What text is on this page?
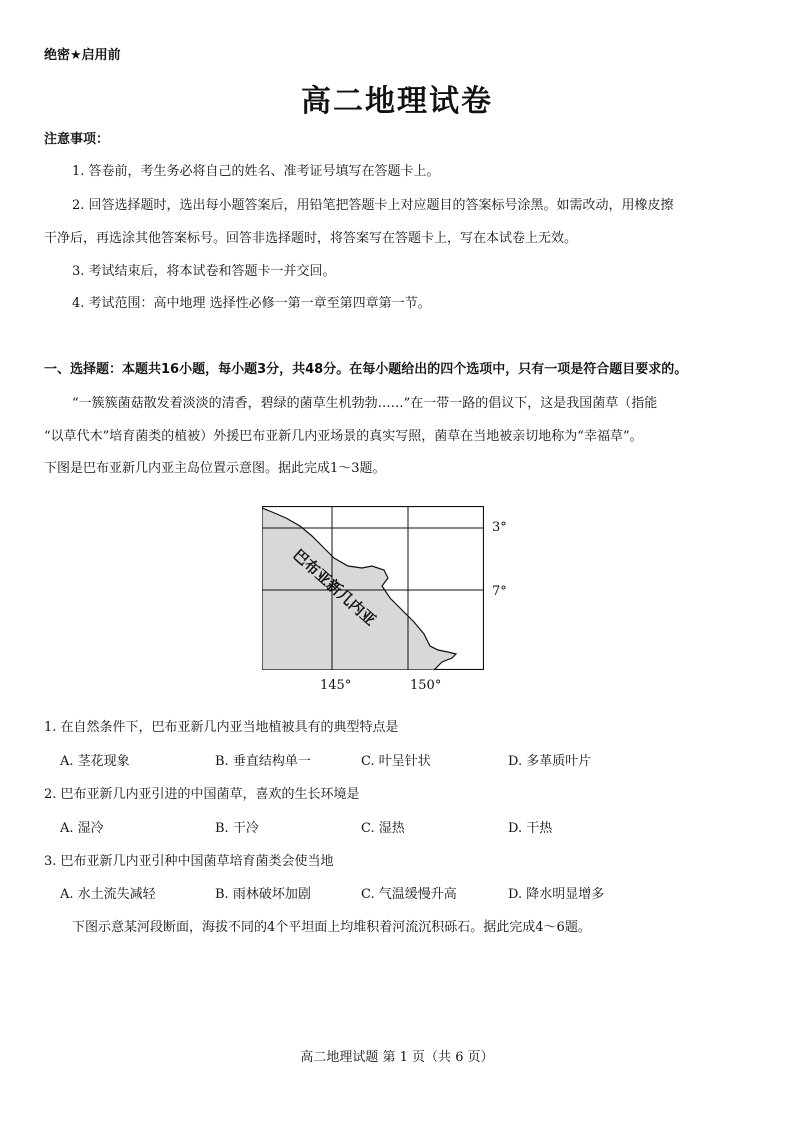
绝密★启用前
高二地理试卷
注意事项：
1. 答卷前，考生务必将自己的姓名、准考证号填写在答题卡上。
2. 回答选择题时，选出每小题答案后，用铅笔把答题卡上对应题目的答案标号涂黑。如需改动，用橡皮擦
干净后，再选涂其他答案标号。回答非选择题时，将答案写在答题卡上，写在本试卷上无效。
3. 考试结束后，将本试卷和答题卡一并交回。
4. 考试范围：高中地理 选择性必修一第一章至第四章第一节。
一、选择题：本题共16小题，每小题3分，共48分。在每小题给出的四个选项中，只有一项是符合题目要求的。
“一簇簇菌菇散发着淡淡的清香，碧绿的菌草生机勃勃……”在一带一路的倡议下，这是我国菌草（指能
“以草代木”培育菌类的植被）外援巴布亚新几内亚场景的真实写照，菌草在当地被亲切地称为“幸福草”。
下图是巴布亚新几内亚主岛位置示意图。据此完成1～3题。
巴布亚新几内亚
3°
7°
145°	150°
1. 在自然条件下，巴布亚新几内亚当地植被具有的典型特点是
A. 茎花现象	B. 垂直结构单一	C. 叶呈针状	D. 多革质叶片
2. 巴布亚新几内亚引进的中国菌草，喜欢的生长环境是
A. 湿冷	B. 干冷	C. 湿热	D. 干热
3. 巴布亚新几内亚引种中国菌草培育菌类会使当地
A. 水土流失减轻	B. 雨林破坏加剧	C. 气温缓慢升高	D. 降水明显增多
下图示意某河段断面，海拔不同的4个平坦面上均堆积着河流沉积砾石。据此完成4～6题。
高二地理试题 第 1 页（共 6 页）
